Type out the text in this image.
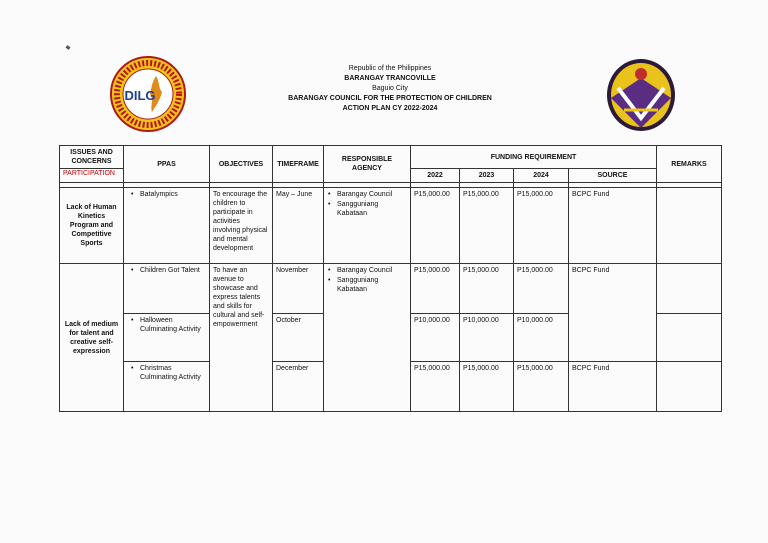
DILG
Republic of the Philippines
BARANGAY TRANCOVILLE
Baguio City
BARANGAY COUNCIL FOR THE PROTECTION OF CHILDREN
ACTION PLAN CY 2022-2024
ISSUES AND CONCERNS	PPAS	OBJECTIVES	TIMEFRAME	RESPONSIBLE AGENCY	FUNDING REQUIREMENT				REMARKS
PARTICIPATION					2022	2023	2024	SOURCE	

Lack of Human Kinetics Program and Competitive Sports	• Batalympics	To encourage the children to participate in activities involving physical and mental development	May – June	• Barangay Council
• Sangguniang Kabataan	P15,000.00	P15,000.00	P15,000.00	BCPC Fund	
Lack of medium for talent and creative self-expression	• Children Got Talent	To have an avenue to showcase and express talents and skills for cultural and self-empowerment	November	• Barangay Council
• Sangguniang Kabataan	P15,000.00	P15,000.00	P15,000.00	BCPC Fund	

	• Halloween Culminating Activity		October		P10,000.00	P10,000.00	P10,000.00		

	• Christmas Culminating Activity		December		P15,000.00	P15,000.00	P15,000.00	BCPC Fund	
